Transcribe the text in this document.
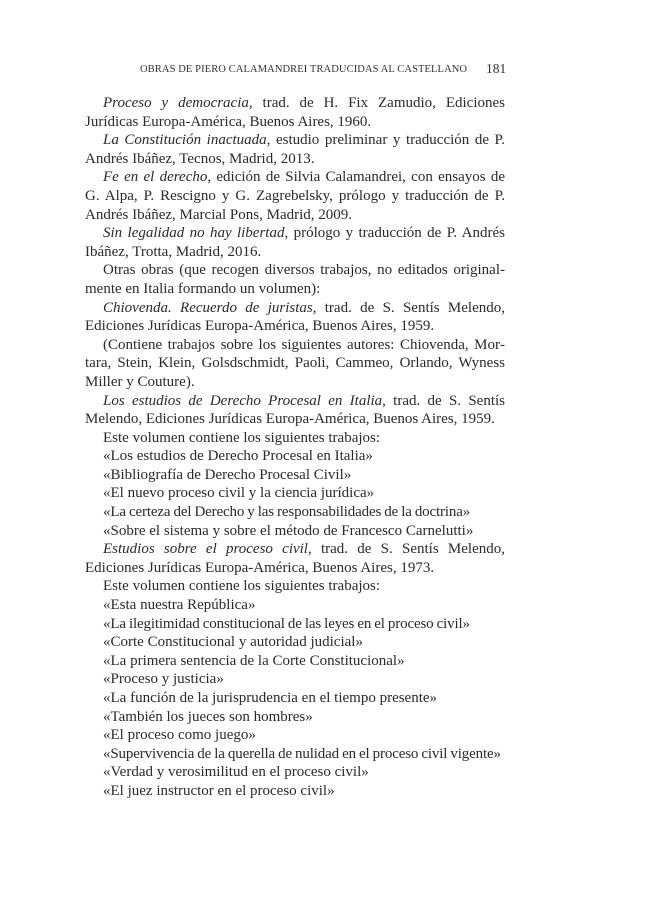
OBRAS DE PIERO CALAMANDREI TRADUCIDAS AL CASTELLANO 181

Proceso y democracia, trad. de H. Fix Zamudio, Ediciones Jurídicas Europa-América, Buenos Aires, 1960.

La Constitución inactuada, estudio preliminar y traducción de P. Andrés Ibáñez, Tecnos, Madrid, 2013.

Fe en el derecho, edición de Silvia Calamandrei, con ensayos de G. Alpa, P. Rescigno y G. Zagrebelsky, prólogo y traducción de P. Andrés Ibáñez, Marcial Pons, Madrid, 2009.

Sin legalidad no hay libertad, prólogo y traducción de P. Andrés Ibáñez, Trotta, Madrid, 2016.

Otras obras (que recogen diversos trabajos, no editados originalmente en Italia formando un volumen):

Chiovenda. Recuerdo de juristas, trad. de S. Sentís Melendo, Ediciones Jurídicas Europa-América, Buenos Aires, 1959.

(Contiene trabajos sobre los siguientes autores: Chiovenda, Mortara, Stein, Klein, Golsdschmidt, Paoli, Cammeo, Orlando, Wyness Miller y Couture).

Los estudios de Derecho Procesal en Italia, trad. de S. Sentís Melendo, Ediciones Jurídicas Europa-América, Buenos Aires, 1959.

Este volumen contiene los siguientes trabajos:

«Los estudios de Derecho Procesal en Italia»

«Bibliografía de Derecho Procesal Civil»

«El nuevo proceso civil y la ciencia jurídica»

«La certeza del Derecho y las responsabilidades de la doctrina»

«Sobre el sistema y sobre el método de Francesco Carnelutti»

Estudios sobre el proceso civil, trad. de S. Sentís Melendo, Ediciones Jurídicas Europa-América, Buenos Aires, 1973.

Este volumen contiene los siguientes trabajos:

«Esta nuestra República»

«La ilegitimidad constitucional de las leyes en el proceso civil»

«Corte Constitucional y autoridad judicial»

«La primera sentencia de la Corte Constitucional»

«Proceso y justicia»

«La función de la jurisprudencia en el tiempo presente»

«También los jueces son hombres»

«El proceso como juego»

«Supervivencia de la querella de nulidad en el proceso civil vigente»

«Verdad y verosimilitud en el proceso civil»

«El juez instructor en el proceso civil»
